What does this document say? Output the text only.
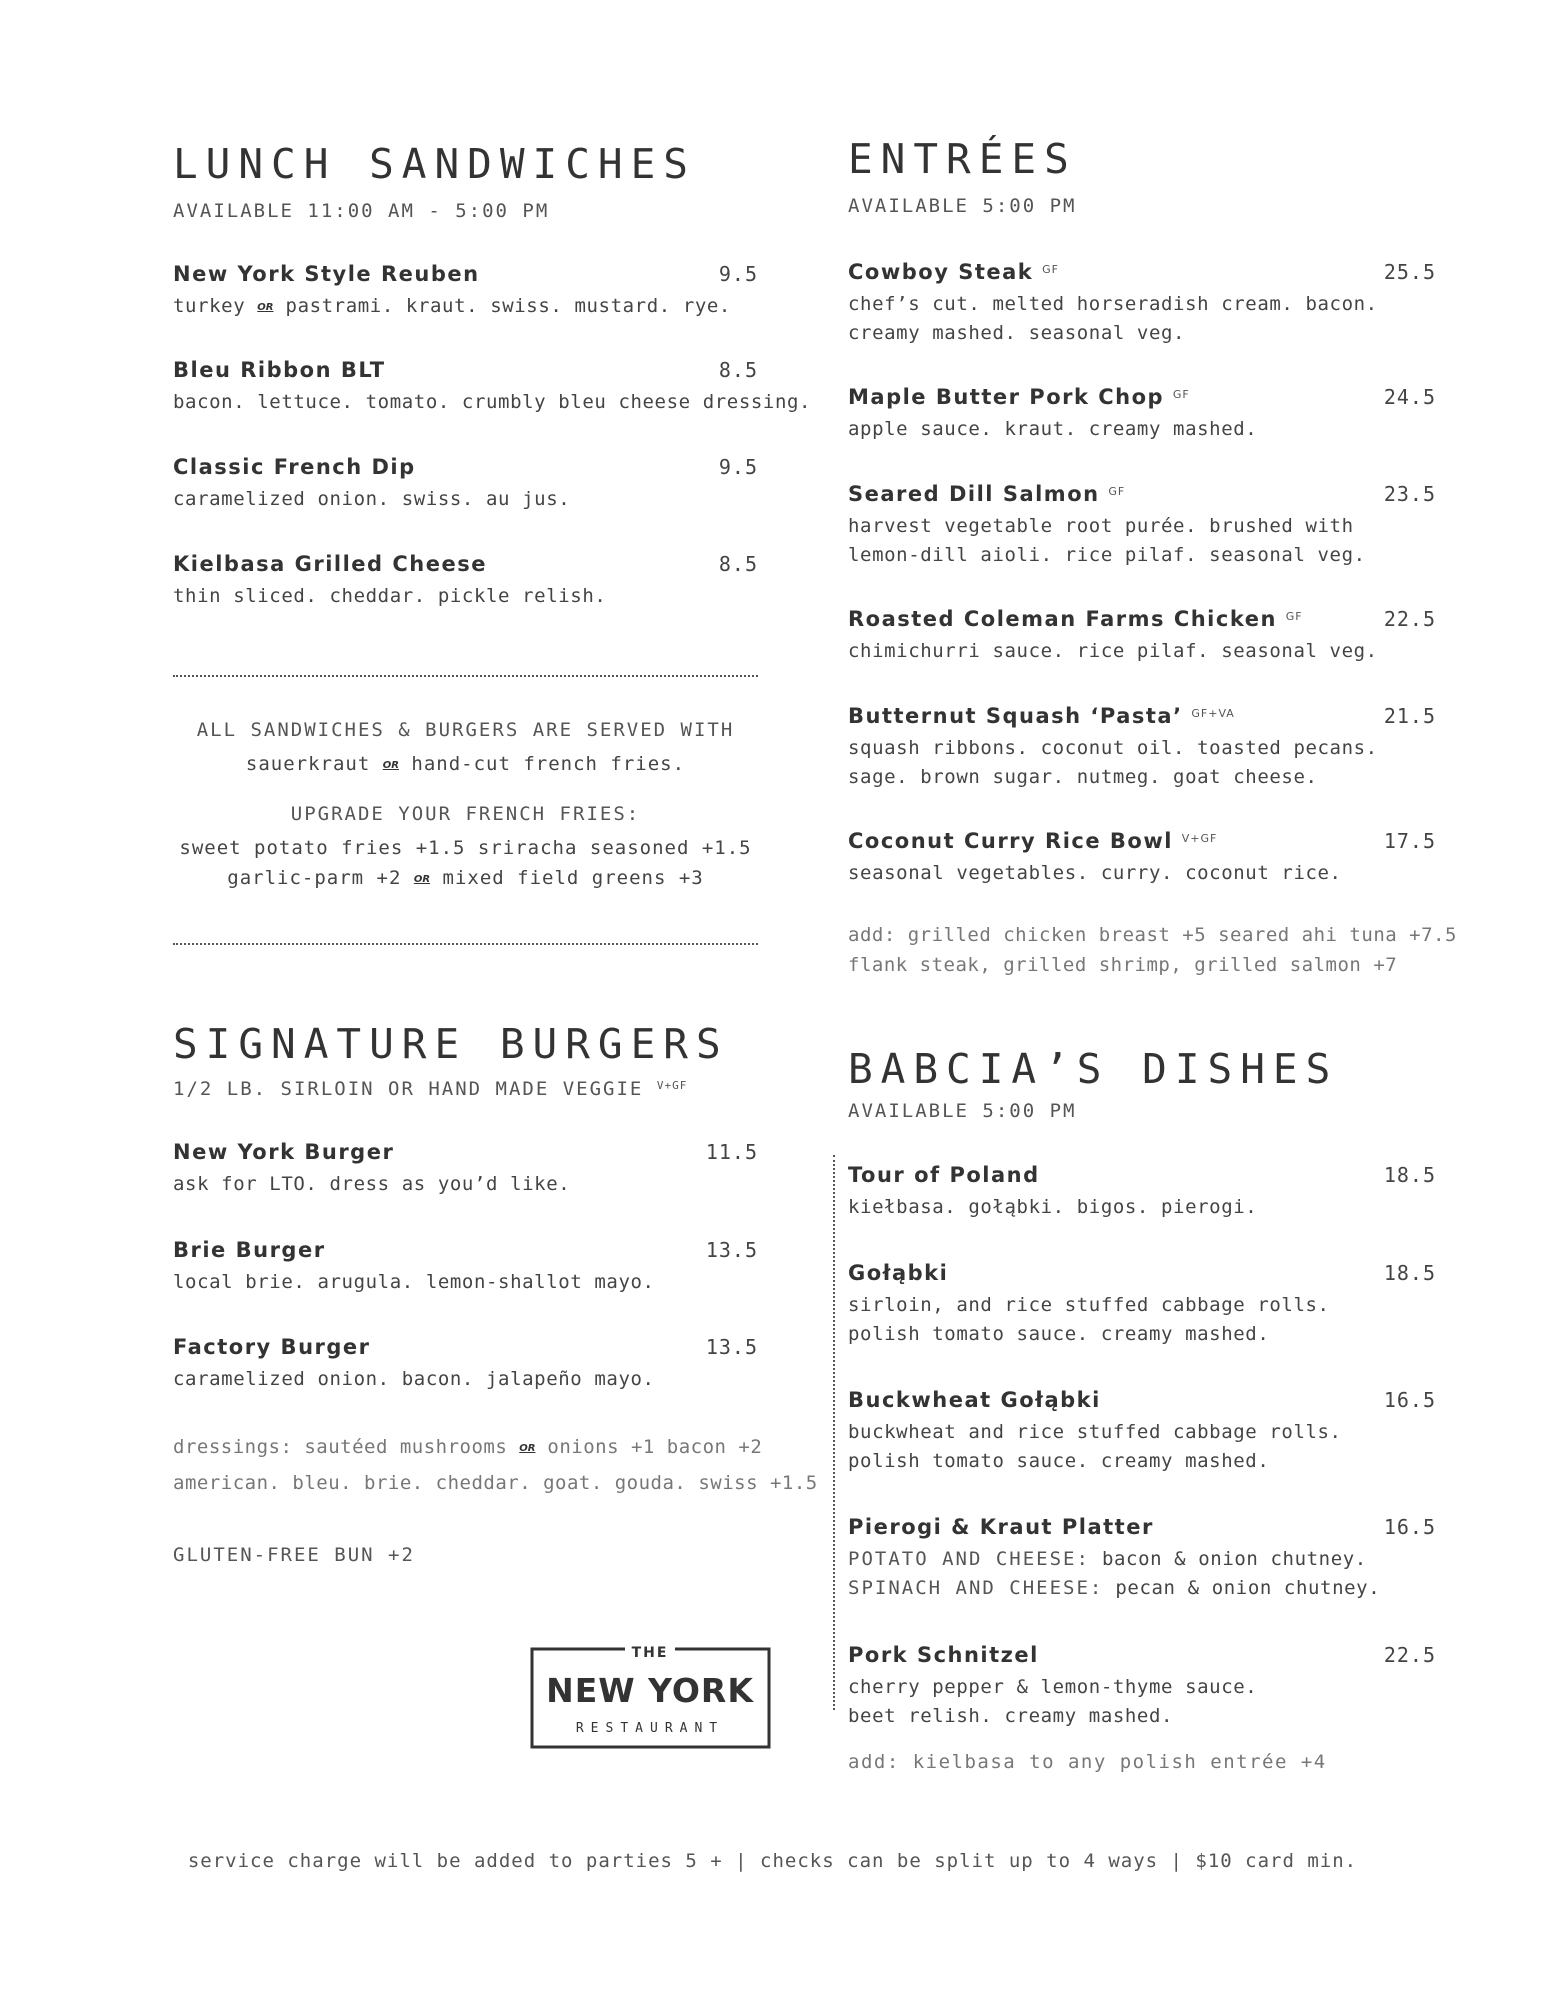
LUNCH SANDWICHES
AVAILABLE 11:00 AM - 5:00 PM
New York Style Reuben	9.5
turkey OR pastrami. kraut. swiss. mustard. rye.
Bleu Ribbon BLT	8.5
bacon. lettuce. tomato. crumbly bleu cheese dressing.
Classic French Dip	9.5
caramelized onion. swiss. au jus.
Kielbasa Grilled Cheese	8.5
thin sliced. cheddar. pickle relish.
ALL SANDWICHES & BURGERS ARE SERVED WITH
sauerkraut OR hand-cut french fries.
UPGRADE YOUR FRENCH FRIES:
sweet potato fries +1.5 sriracha seasoned +1.5
garlic-parm +2 OR mixed field greens +3
SIGNATURE BURGERS
1/2 LB. SIRLOIN OR HAND MADE VEGGIE $^{V+GF}$
New York Burger	11.5
ask for LTO. dress as you’d like.
Brie Burger	13.5
local brie. arugula. lemon-shallot mayo.
Factory Burger	13.5
caramelized onion. bacon. jalapeño mayo.
dressings: sautéed mushrooms OR onions +1 bacon +2
american. bleu. brie. cheddar. goat. gouda. swiss +1.5
GLUTEN-FREE BUN +2
THE
NEW YORK
RESTAURANT
ENTRÉES
AVAILABLE 5:00 PM
Cowboy Steak $^{GF}$	25.5
chef’s cut. melted horseradish cream. bacon.
creamy mashed. seasonal veg.
Maple Butter Pork Chop $^{GF}$	24.5
apple sauce. kraut. creamy mashed.
Seared Dill Salmon $^{GF}$	23.5
harvest vegetable root purée. brushed with
lemon-dill aioli. rice pilaf. seasonal veg.
Roasted Coleman Farms Chicken $^{GF}$	22.5
chimichurri sauce. rice pilaf. seasonal veg.
Butternut Squash ‘Pasta’ $^{GF+VA}$	21.5
squash ribbons. coconut oil. toasted pecans.
sage. brown sugar. nutmeg. goat cheese.
Coconut Curry Rice Bowl $^{V+GF}$	17.5
seasonal vegetables. curry. coconut rice.
add: grilled chicken breast +5 seared ahi tuna +7.5
flank steak, grilled shrimp, grilled salmon +7
BABCIA’S DISHES
AVAILABLE 5:00 PM
Tour of Poland	18.5
kiełbasa. gołąbki. bigos. pierogi.
Gołąbki	18.5
sirloin, and rice stuffed cabbage rolls.
polish tomato sauce. creamy mashed.
Buckwheat Gołąbki	16.5
buckwheat and rice stuffed cabbage rolls.
polish tomato sauce. creamy mashed.
Pierogi & Kraut Platter	16.5
POTATO AND CHEESE: bacon & onion chutney.
SPINACH AND CHEESE: pecan & onion chutney.
Pork Schnitzel	22.5
cherry pepper & lemon-thyme sauce.
beet relish. creamy mashed.
add: kielbasa to any polish entrée +4
service charge will be added to parties 5 + | checks can be split up to 4 ways | $10 card min.
